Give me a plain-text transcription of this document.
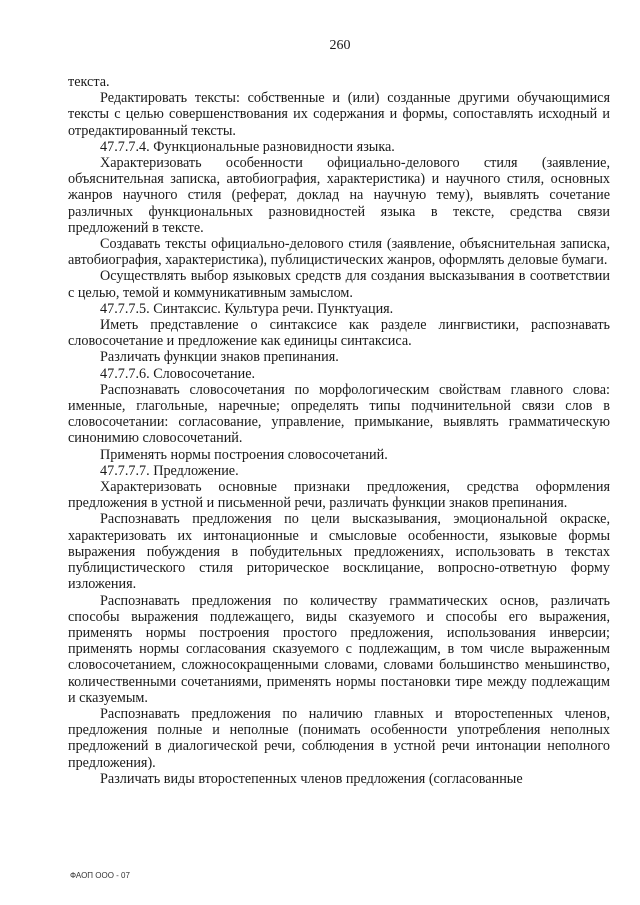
260

текста.

Редактировать тексты: собственные и (или) созданные другими обучающимися тексты с целью совершенствования их содержания и формы, сопоставлять исходный и отредактированный тексты.

47.7.7.4. Функциональные разновидности языка.

Характеризовать особенности официально-делового стиля (заявление, объяснительная записка, автобиография, характеристика) и научного стиля, основных жанров научного стиля (реферат, доклад на научную тему), выявлять сочетание различных функциональных разновидностей языка в тексте, средства связи предложений в тексте.

Создавать тексты официально-делового стиля (заявление, объяснительная записка, автобиография, характеристика), публицистических жанров, оформлять деловые бумаги.

Осуществлять выбор языковых средств для создания высказывания в соответствии с целью, темой и коммуникативным замыслом.

47.7.7.5. Синтаксис. Культура речи. Пунктуация.

Иметь представление о синтаксисе как разделе лингвистики, распознавать словосочетание и предложение как единицы синтаксиса.

Различать функции знаков препинания.

47.7.7.6. Словосочетание.

Распознавать словосочетания по морфологическим свойствам главного слова: именные, глагольные, наречные; определять типы подчинительной связи слов в словосочетании: согласование, управление, примыкание, выявлять грамматическую синонимию словосочетаний.

Применять нормы построения словосочетаний.

47.7.7.7. Предложение.

Характеризовать основные признаки предложения, средства оформления предложения в устной и письменной речи, различать функции знаков препинания.

Распознавать предложения по цели высказывания, эмоциональной окраске, характеризовать их интонационные и смысловые особенности, языковые формы выражения побуждения в побудительных предложениях, использовать в текстах публицистического стиля риторическое восклицание, вопросно-ответную форму изложения.

Распознавать предложения по количеству грамматических основ, различать способы выражения подлежащего, виды сказуемого и способы его выражения, применять нормы построения простого предложения, использования инверсии; применять нормы согласования сказуемого с подлежащим, в том числе выраженным словосочетанием, сложносокращенными словами, словами большинство меньшинство, количественными сочетаниями, применять нормы постановки тире между подлежащим и сказуемым.

Распознавать предложения по наличию главных и второстепенных членов, предложения полные и неполные (понимать особенности употребления неполных предложений в диалогической речи, соблюдения в устной речи интонации неполного предложения).

Различать виды второстепенных членов предложения (согласованные

ФАОП ООО - 07
